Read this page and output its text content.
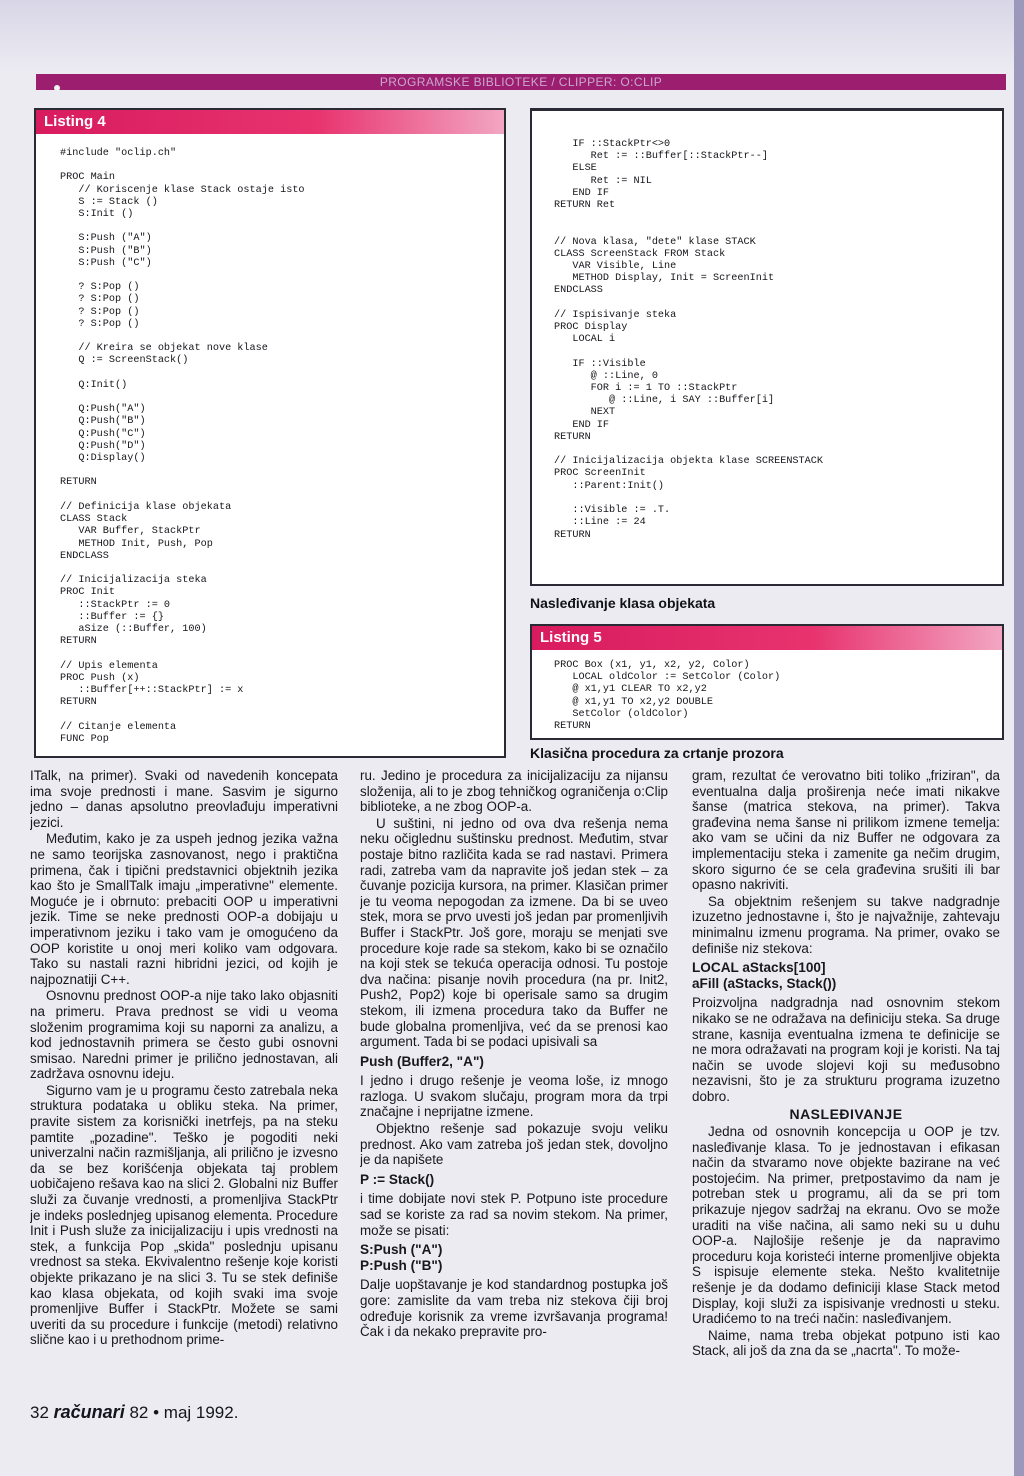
PROGRAMSKE BIBLIOTEKE / CLIPPER: O:CLIP
Listing 4
#include "oclip.ch"

PROC Main
// Koriscenje klase Stack ostaje isto
S := Stack ()
S:Init ()

S:Push ("A")
S:Push ("B")
S:Push ("C")

? S:Pop ()
? S:Pop ()
? S:Pop ()
? S:Pop ()

// Kreira se objekat nove klase
Q := ScreenStack()

Q:Init()

Q:Push("A")
Q:Push("B")
Q:Push("C")
Q:Push("D")
Q:Display()

RETURN

// Definicija klase objekata
CLASS Stack
VAR Buffer, StackPtr
METHOD Init, Push, Pop
ENDCLASS

// Inicijalizacija steka
PROC Init
::StackPtr := 0
::Buffer := {}
aSize (::Buffer, 100)
RETURN

// Upis elementa
PROC Push (x)
::Buffer[++::StackPtr] := x
RETURN

// Citanje elementa
FUNC Pop
IF ::StackPtr<>0
Ret := ::Buffer[::StackPtr--]
ELSE
Ret := NIL
END IF
RETURN Ret

// Nova klasa, "dete" klase STACK
CLASS ScreenStack FROM Stack
VAR Visible, Line
METHOD Display, Init = ScreenInit
ENDCLASS

// Ispisivanje steka
PROC Display
LOCAL i

IF ::Visible
@ ::Line, 0
FOR i := 1 TO ::StackPtr
@ ::Line, i SAY ::Buffer[i]
NEXT
END IF
RETURN

// Inicijalizacija objekta klase SCREENSTACK
PROC ScreenInit
::Parent:Init()

::Visible := .T.
::Line := 24
RETURN
Nasleđivanje klasa objekata
Listing 5
PROC Box (x1, y1, x2, y2, Color)
LOCAL oldColor := SetColor (Color)
@ x1,y1 CLEAR TO x2,y2
@ x1,y1 TO x2,y2 DOUBLE
SetColor (oldColor)
RETURN
Klasična procedura za crtanje prozora

ITalk, na primer). Svaki od navedenih koncepata ima svoje prednosti i mane. Sasvim je sigurno jedno – danas apsolutno preovlađuju imperativni jezici.

Međutim, kako je za uspeh jednog jezika važna ne samo teorijska zasnovanost, nego i praktična primena, čak i tipični predstavnici objektnih jezika kao što je SmallTalk imaju „imperativne" elemente. Moguće je i obrnuto: prebaciti OOP u imperativni jezik. Time se neke prednosti OOP-a dobijaju u imperativnom jeziku i tako vam je omogućeno da OOP koristite u onoj meri koliko vam odgovara. Tako su nastali razni hibridni jezici, od kojih je najpoznatiji C++.

Osnovnu prednost OOP-a nije tako lako objasniti na primeru. Prava prednost se vidi u veoma složenim programima koji su naporni za analizu, a kod jednostavnih primera se često gubi osnovni smisao. Naredni primer je prilično jednostavan, ali zadržava osnovnu ideju.

Sigurno vam je u programu često zatrebala neka struktura podataka u obliku steka. Na primer, pravite sistem za korisnički inetrfejs, pa na steku pamtite „pozadine". Teško je pogoditi neki univerzalni način razmišljanja, ali prilično je izvesno da se bez korišćenja objekata taj problem uobičajeno rešava kao na slici 2. Globalni niz Buffer služi za čuvanje vrednosti, a promenljiva StackPtr je indeks poslednjeg upisanog elementa. Procedure Init i Push služe za inicijalizaciju i upis vrednosti na stek, a funkcija Pop „skida" poslednju upisanu vrednost sa steka. Ekvivalentno rešenje koje koristi objekte prikazano je na slici 3. Tu se stek definiše kao klasa objekata, od kojih svaki ima svoje promenljive Buffer i StackPtr. Možete se sami uveriti da su procedure i funkcije (metodi) relativno slične kao i u prethodnom prime-

ru. Jedino je procedura za inicijalizaciju za nijansu složenija, ali to je zbog tehničkog ograničenja o:Clip biblioteke, a ne zbog OOP-a.

U suštini, ni jedno od ova dva rešenja nema neku očiglednu suštinsku prednost. Međutim, stvar postaje bitno različita kada se rad nastavi. Primera radi, zatreba vam da napravite još jedan stek – za čuvanje pozicija kursora, na primer. Klasičan primer je tu veoma nepogodan za izmene. Da bi se uveo stek, mora se prvo uvesti još jedan par promenljivih Buffer i StackPtr. Još gore, moraju se menjati sve procedure koje rade sa stekom, kako bi se označilo na koji stek se tekuća operacija odnosi. Tu postoje dva načina: pisanje novih procedura (na pr. Init2, Push2, Pop2) koje bi operisale samo sa drugim stekom, ili izmena procedura tako da Buffer ne bude globalna promenljiva, već da se prenosi kao argument. Tada bi se podaci upisivali sa

Push (Buffer2, "A")

I jedno i drugo rešenje je veoma loše, iz mnogo razloga. U svakom slučaju, program mora da trpi značajne i neprijatne izmene.

Objektno rešenje sad pokazuje svoju veliku prednost. Ako vam zatreba još jedan stek, dovoljno je da napišete

P := Stack()

i time dobijate novi stek P. Potpuno iste procedure sad se koriste za rad sa novim stekom. Na primer, može se pisati:

S:Push ("A")

P:Push ("B")

Dalje uopštavanje je kod standardnog postupka još gore: zamislite da vam treba niz stekova čiji broj određuje korisnik za vreme izvršavanja programa! Čak i da nekako prepravite pro-

gram, rezultat će verovatno biti toliko „friziran", da eventualna dalja proširenja neće imati nikakve šanse (matrica stekova, na primer). Takva građevina nema šanse ni prilikom izmene temelja: ako vam se učini da niz Buffer ne odgovara za implementaciju steka i zamenite ga nečim drugim, skoro sigurno će se cela građevina srušiti ili bar opasno nakriviti.

Sa objektnim rešenjem su takve nadgradnje izuzetno jednostavne i, što je najvažnije, zahtevaju minimalnu izmenu programa. Na primer, ovako se definiše niz stekova:

LOCAL aStacks[100]

aFill (aStacks, Stack())

Proizvoljna nadgradnja nad osnovnim stekom nikako se ne odražava na definiciju steka. Sa druge strane, kasnija eventualna izmena te definicije se ne mora odražavati na program koji je koristi. Na taj način se uvode slojevi koji su međusobno nezavisni, što je za strukturu programa izuzetno dobro.

NASLEĐIVANJE

Jedna od osnovnih koncepcija u OOP je tzv. nasleđivanje klasa. To je jednostavan i efikasan način da stvaramo nove objekte bazirane na već postojećim. Na primer, pretpostavimo da nam je potreban stek u programu, ali da se pri tom prikazuje njegov sadržaj na ekranu. Ovo se može uraditi na više načina, ali samo neki su u duhu OOP-a. Najlošije rešenje je da napravimo proceduru koja koristeći interne promenljive objekta S ispisuje elemente steka. Nešto kvalitetnije rešenje je da dodamo definiciji klase Stack metod Display, koji služi za ispisivanje vrednosti u steku. Uradićemo to na treći način: nasleđivanjem.

Naime, nama treba objekat potpuno isti kao Stack, ali još da zna da se „nacrta". To može-

32 računari 82 • maj 1992.
